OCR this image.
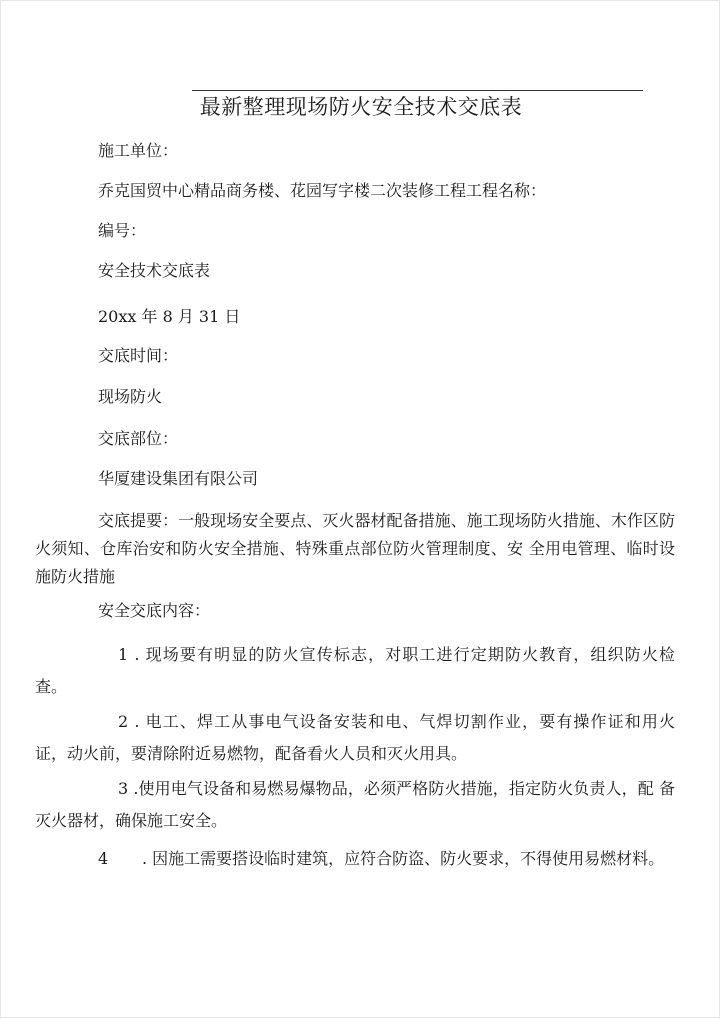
最新整理现场防火安全技术交底表
施工单位：
乔克国贸中心精品商务楼、花园写字楼二次装修工程工程名称：
编号：
安全技术交底表
20xx 年 8 月 31 日
交底时间：
现场防火
交底部位：
华厦建设集团有限公司
交底提要：一般现场安全要点、灭火器材配备措施、施工现场防火措施、木作区防火须知、仓库治安和防火安全措施、特殊重点部位防火管理制度、安 全用电管理、临时设施防火措施
安全交底内容：
1 . 现场要有明显的防火宣传标志，对职工进行定期防火教育，组织防火检 查。
2 . 电工、焊工从事电气设备安装和电、气焊切割作业，要有操作证和用火 证，动火前，要清除附近易燃物，配备看火人员和灭火用具。
3 .使用电气设备和易燃易爆物品，必须严格防火措施，指定防火负责人，配 备灭火器材，确保施工安全。
4 . 因施工需要搭设临时建筑，应符合防盗、防火要求，不得使用易燃材料。
